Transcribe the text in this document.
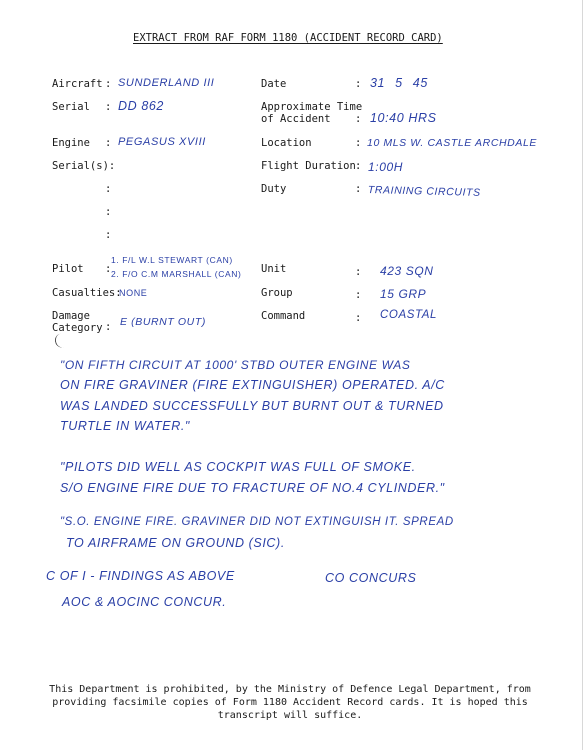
EXTRACT FROM RAF FORM 1180 (ACCIDENT RECORD CARD)
Aircraft : SUNDERLAND III
Serial : DD 862
Engine : PEGASUS XVIII
Serial(s):
:
:
:
Date	: 31 5 45
Approximate Time
of Accident	: 10:40 HRS
Location	: 10 MLS W. CASTLE ARCHDALE
Flight Duration : 1:00H
Duty	: TRAINING CIRCUITS
Pilot :
1. F/L W.L STEWART (CAN)
2. F/O C.M MARSHALL (CAN)
Casualties:
NONE
Damage
Category : E (BURNT OUT)
Unit	: 423 SQN
Group	: 15 GRP
Command	: COASTAL
"ON FIFTH CIRCUIT AT 1000' STBD OUTER ENGINE WAS
ON FIRE GRAVINER (FIRE EXTINGUISHER) OPERATED. A/C
WAS LANDED SUCCESSFULLY BUT BURNT OUT & TURNED
TURTLE IN WATER."
"PILOTS DID WELL AS COCKPIT WAS FULL OF SMOKE.
S/O ENGINE FIRE DUE TO FRACTURE OF NO.4 CYLINDER."
"S.O. ENGINE FIRE. GRAVINER DID NOT EXTINGUISH IT. SPREAD
TO AIRFRAME ON GROUND (SIC).
C OF I - FINDINGS AS ABOVE	CO CONCURS
AOC & AOCINC CONCUR.
This Department is prohibited, by the Ministry of Defence Legal Department, from providing facsimile copies of Form 1180 Accident Record cards. It is hoped this transcript will suffice.
